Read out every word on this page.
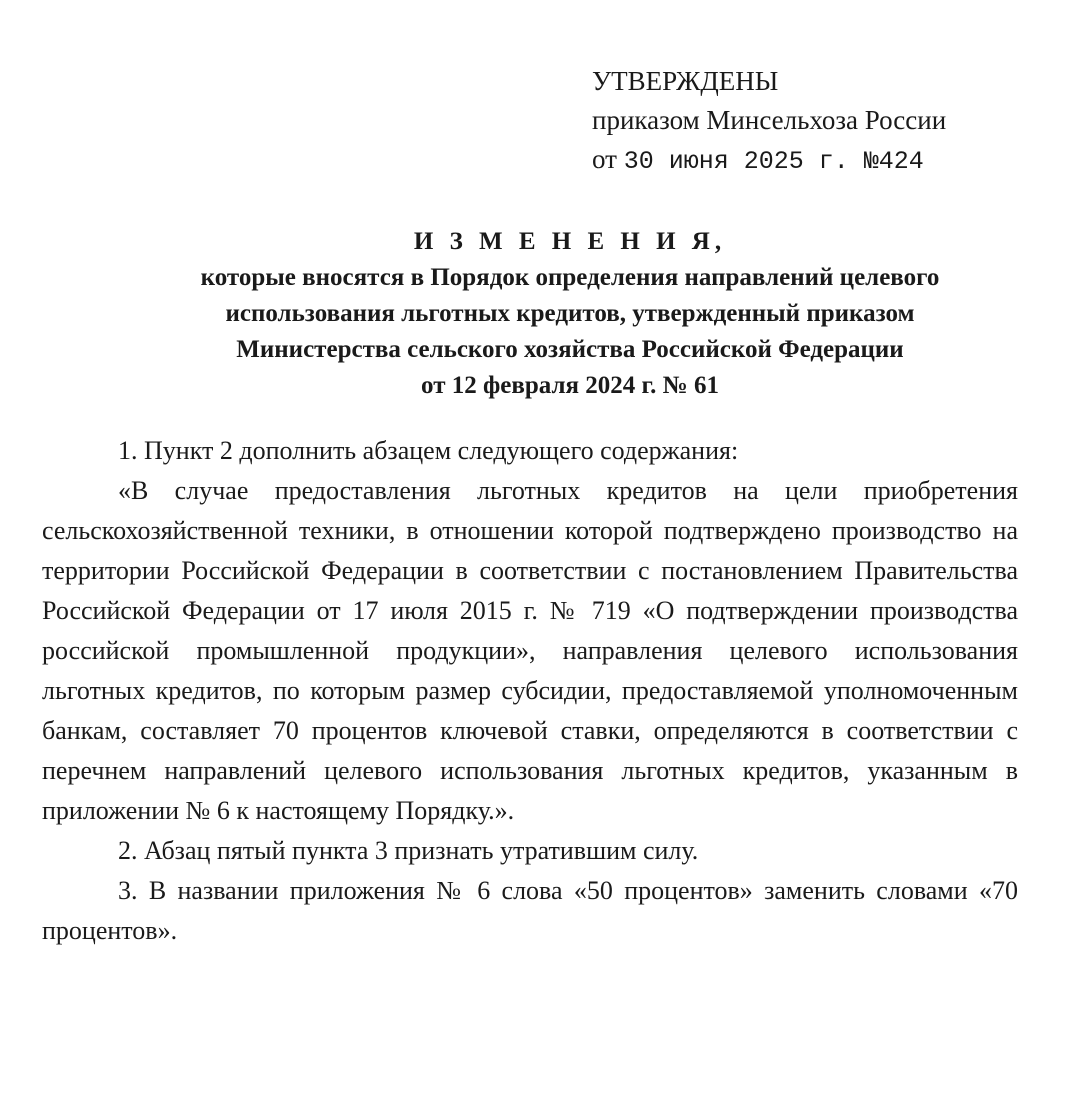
УТВЕРЖДЕНЫ
приказом Минсельхоза России
от 30 июня 2025 г. №424
И З М Е Н Е Н И Я,
которые вносятся в Порядок определения направлений целевого
использования льготных кредитов, утвержденный приказом
Министерства сельского хозяйства Российской Федерации
от 12 февраля 2024 г. № 61

1. Пункт 2 дополнить абзацем следующего содержания:

«В случае предоставления льготных кредитов на цели приобретения сельскохозяйственной техники, в отношении которой подтверждено производство на территории Российской Федерации в соответствии с постановлением Правительства Российской Федерации от 17 июля 2015 г. № 719 «О подтверждении производства российской промышленной продукции», направления целевого использования льготных кредитов, по которым размер субсидии, предоставляемой уполномоченным банкам, составляет 70 процентов ключевой ставки, определяются в соответствии с перечнем направлений целевого использования льготных кредитов, указанным в приложении № 6 к настоящему Порядку.».

2. Абзац пятый пункта 3 признать утратившим силу.

3. В названии приложения № 6 слова «50 процентов» заменить словами «70 процентов».
